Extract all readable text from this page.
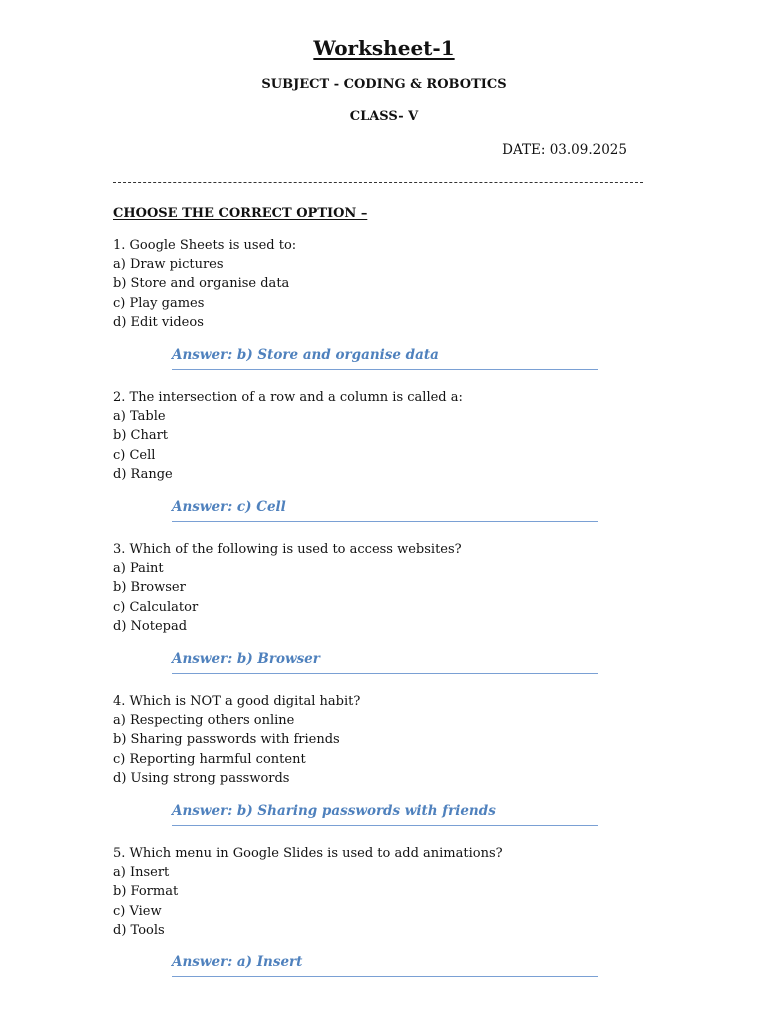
Worksheet-1
SUBJECT - CODING & ROBOTICS
CLASS- V
DATE: 03.09.2025
CHOOSE THE CORRECT OPTION –
1. Google Sheets is used to:
a) Draw pictures
b) Store and organise data
c) Play games
d) Edit videos
Answer: b) Store and organise data
2. The intersection of a row and a column is called a:
a) Table
b) Chart
c) Cell
d) Range
Answer: c) Cell
3. Which of the following is used to access websites?
a) Paint
b) Browser
c) Calculator
d) Notepad
Answer: b) Browser
4. Which is NOT a good digital habit?
a) Respecting others online
b) Sharing passwords with friends
c) Reporting harmful content
d) Using strong passwords
Answer: b) Sharing passwords with friends
5. Which menu in Google Slides is used to add animations?
a) Insert
b) Format
c) View
d) Tools
Answer: a) Insert
